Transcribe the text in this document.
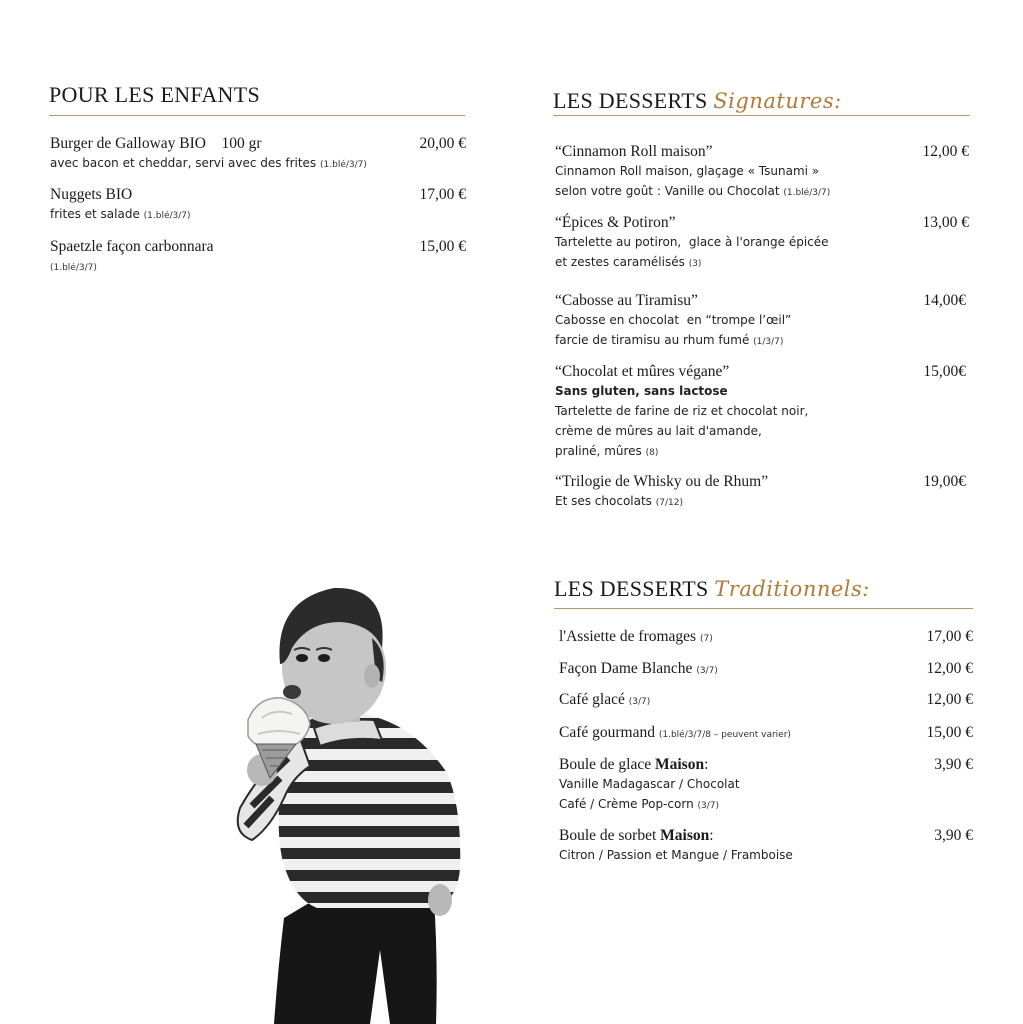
POUR LES ENFANTS
Burger de Galloway BIO    100 gr	20,00 €
avec bacon et cheddar, servi avec des frites (1.blé/3/7)
Nuggets BIO	17,00 €
frites et salade (1.blé/3/7)
Spaetzle façon carbonnara	15,00 €
(1.blé/3/7)
LES DESSERTS Signatures:
“Cinnamon Roll maison”	12,00 €
Cinnamon Roll maison, glaçage « Tsunami »
selon votre goût : Vanille ou Chocolat (1.blé/3/7)
“Épices & Potiron”	13,00 €
Tartelette au potiron,  glace à l'orange épicée
et zestes caramélisés (3)
“Cabosse au Tiramisu”	14,00€
Cabosse en chocolat  en “trompe l’œil”
farcie de tiramisu au rhum fumé (1/3/7)
“Chocolat et mûres végane”	15,00€
Sans gluten, sans lactose
Tartelette de farine de riz et chocolat noir,
crème de mûres au lait d'amande,
praliné, mûres (8)
“Trilogie de Whisky ou de Rhum”	19,00€
Et ses chocolats (7/12)
LES DESSERTS Traditionnels:
l'Assiette de fromages (7)	17,00 €
Façon Dame Blanche (3/7)	12,00 €
Café glacé (3/7)	12,00 €
Café gourmand (1.blé/3/7/8 – peuvent varier)	15,00 €
Boule de glace Maison:	3,90 €
Vanille Madagascar / Chocolat
Café / Crème Pop-corn (3/7)
Boule de sorbet Maison:	3,90 €
Citron / Passion et Mangue / Framboise
